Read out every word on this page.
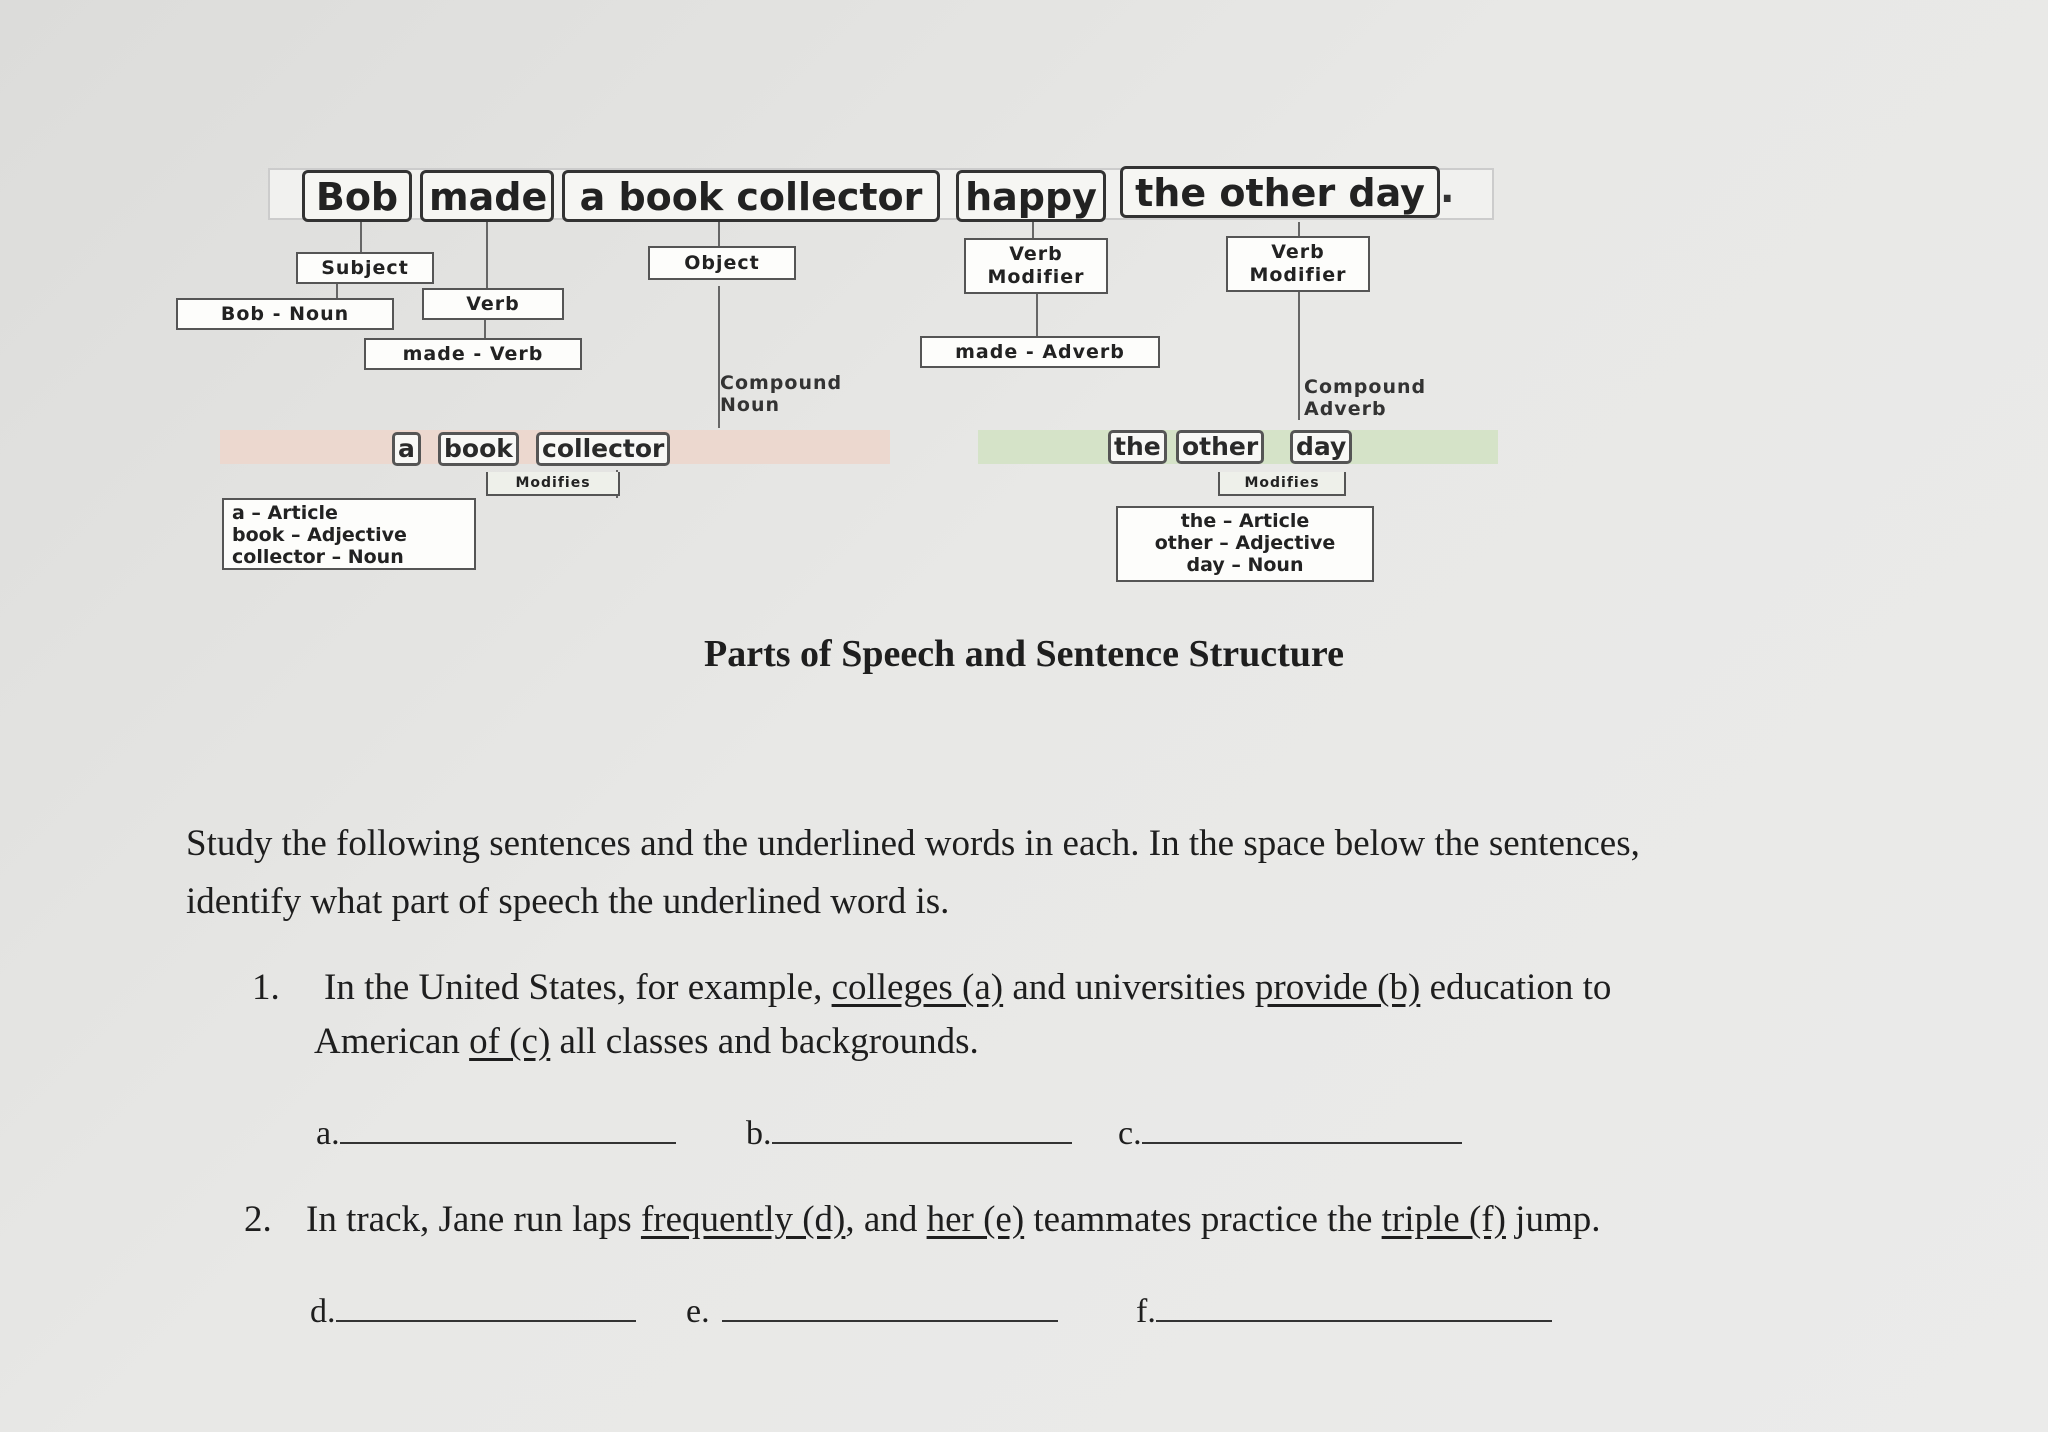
Bob made a book collector	happy	the other day .
Subject
Verb
Object	Verb Modifier
Verb Modifier
Bob - Noun
made - Verb	made - Adverb
Compound Noun
Compound Adverb
a book collector	the other day
Modifies	Modifies
a – Article
book – Adjective
collector – Noun
the – Article
other – Adjective
day – Noun
Parts of Speech and Sentence Structure
Study the following sentences and the underlined words in each. In the space below the sentences, identify what part of speech the underlined word is.
1. In the United States, for example, colleges (a) and universities provide (b) education to
American of (c) all classes and backgrounds.
a.	b.	c.
2. In track, Jane run laps frequently (d), and her (e) teammates practice the triple (f) jump.
d.	e.	f.
